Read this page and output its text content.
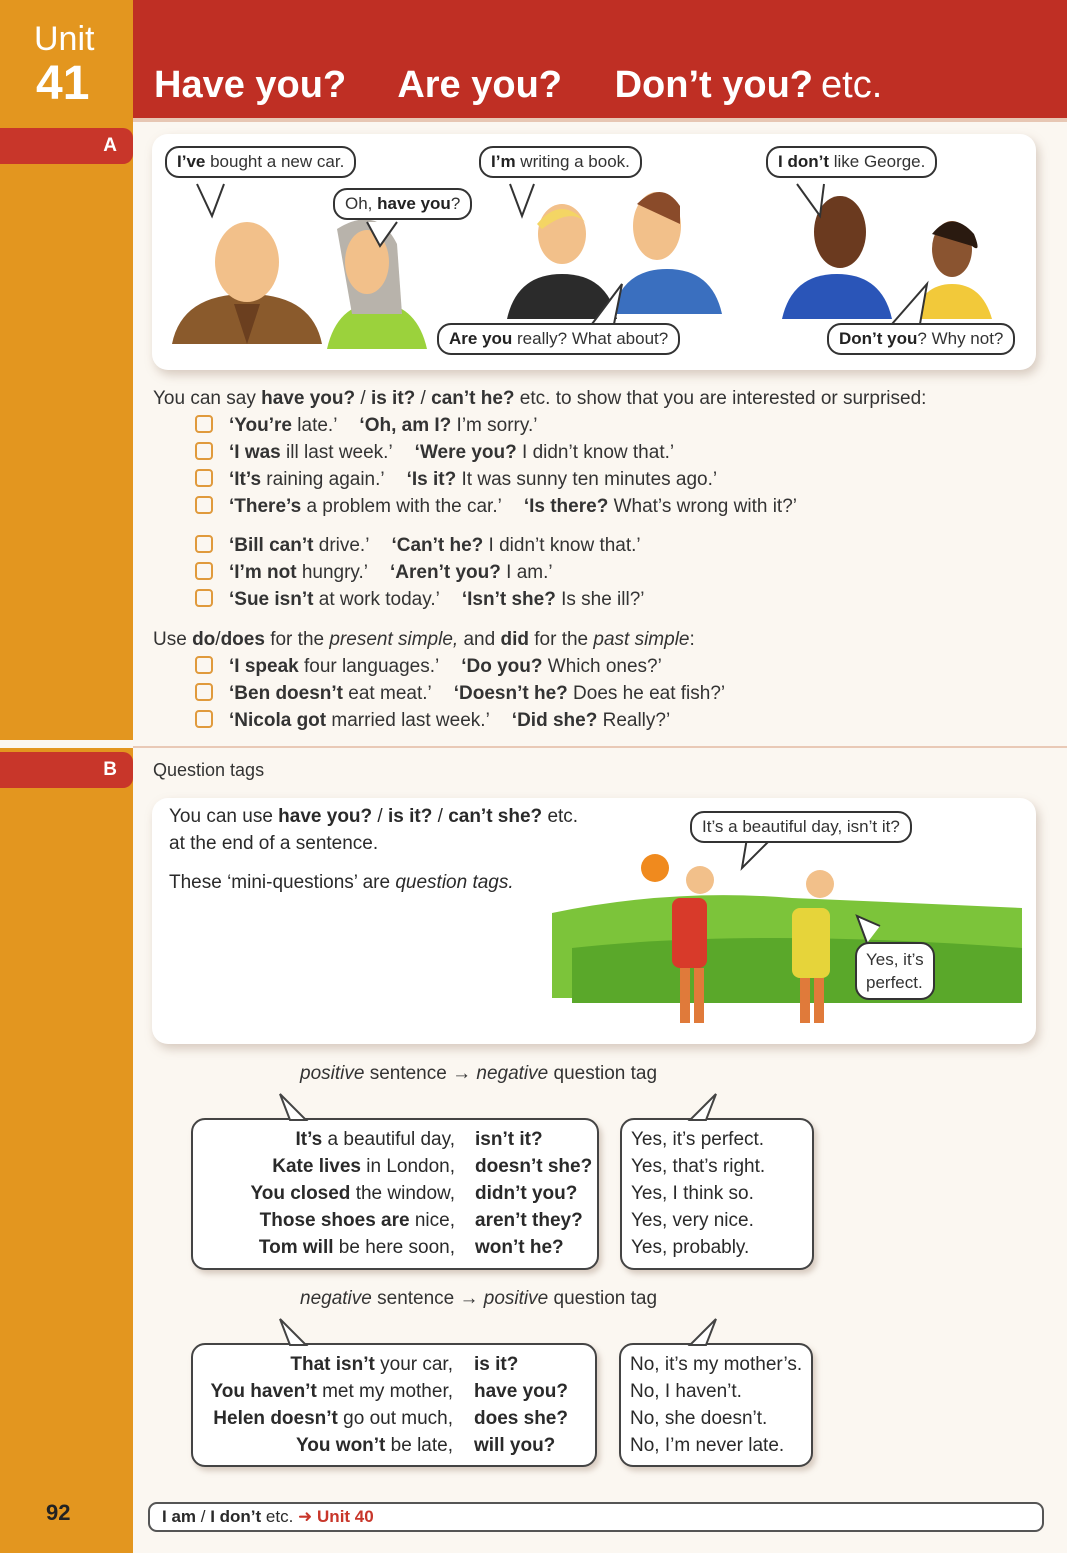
Unit
41 Have you? Are you? Don’t you? etc.
A
I’ve bought a new car.
Oh, have you?
I’m writing a book.
Are you really? What about?
I don’t like George.
Don’t you? Why not?
You can say have you? / is it? / can’t he? etc. to show that you are interested or surprised:
‘You’re late.’ ‘Oh, am I? I’m sorry.’
‘I was ill last week.’ ‘Were you? I didn’t know that.’
‘It’s raining again.’ ‘Is it? It was sunny ten minutes ago.’
‘There’s a problem with the car.’ ‘Is there? What’s wrong with it?’
‘Bill can’t drive.’ ‘Can’t he? I didn’t know that.’
‘I’m not hungry.’ ‘Aren’t you? I am.’
‘Sue isn’t at work today.’ ‘Isn’t she? Is she ill?’
Use do/does for the present simple, and did for the past simple:
‘I speak four languages.’ ‘Do you? Which ones?’
‘Ben doesn’t eat meat.’ ‘Doesn’t he? Does he eat fish?’
‘Nicola got married last week.’ ‘Did she? Really?’
B Question tags
You can use have you? / is it? / can’t she? etc.
at the end of a sentence.
These ‘mini-questions’ are question tags.
It’s a beautiful day, isn’t it?
Yes, it’s
perfect.
positive sentence → negative question tag
It’s a beautiful day, isn’t it?
Kate lives in London, doesn’t she?
You closed the window, didn’t you?
Those shoes are nice, aren’t they?
Tom will be here soon, won’t he?
Yes, it’s perfect.
Yes, that’s right.
Yes, I think so.
Yes, very nice.
Yes, probably.
negative sentence → positive question tag
That isn’t your car, is it?
You haven’t met my mother, have you?
Helen doesn’t go out much, does she?
You won’t be late, will you?
No, it’s my mother’s.
No, I haven’t.
No, she doesn’t.
No, I’m never late.
92	I am / I don’t etc. ➜ Unit 40
